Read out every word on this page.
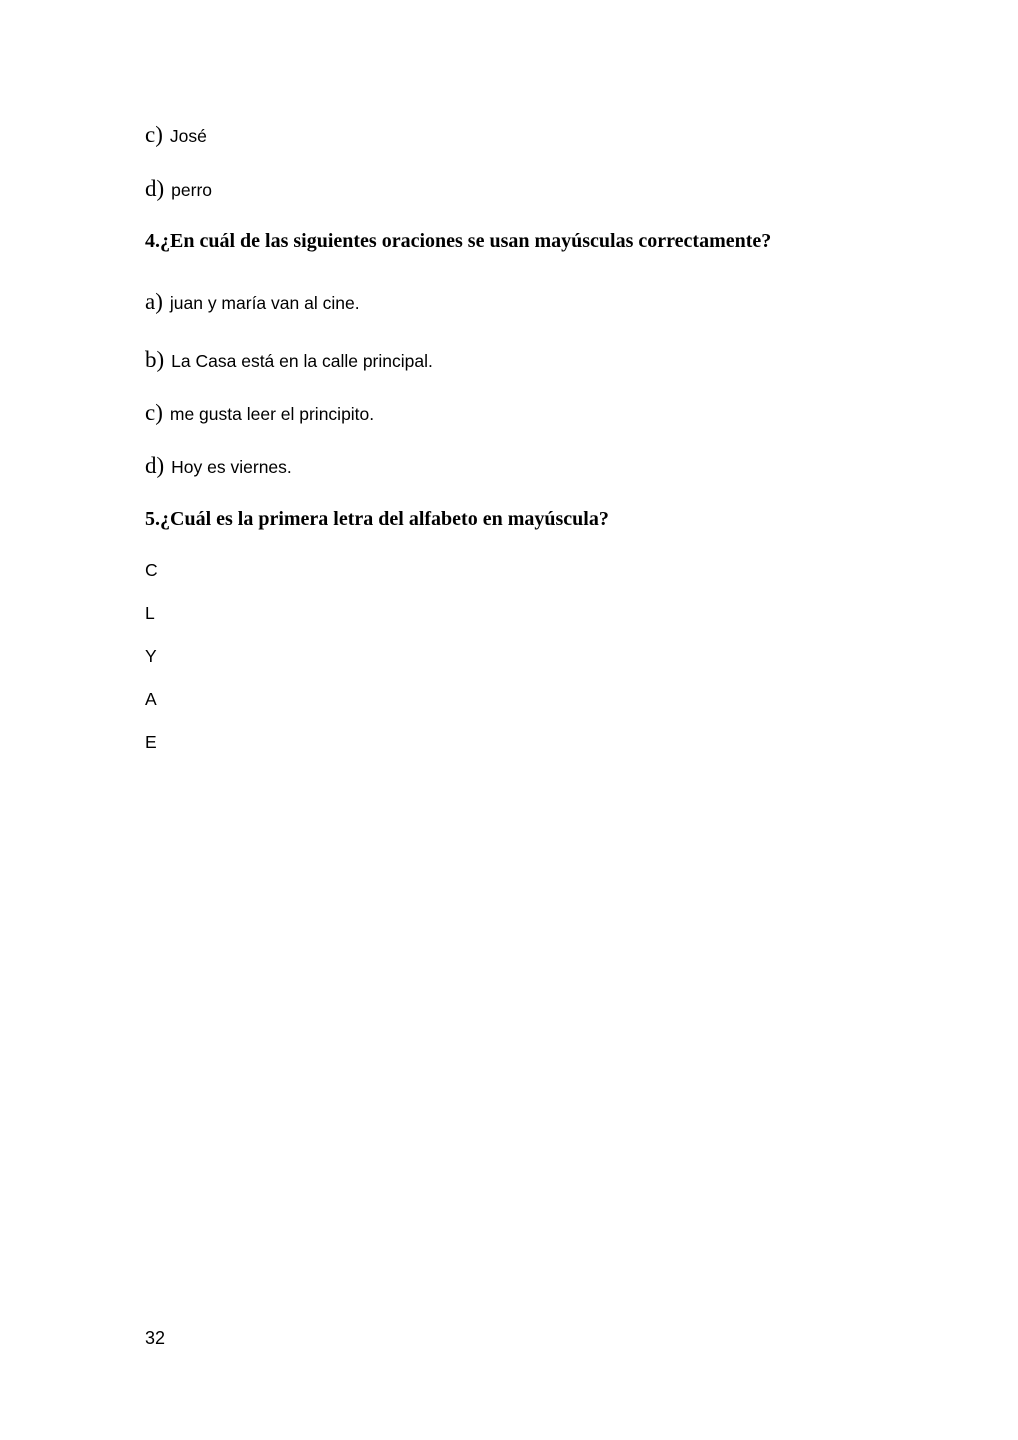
c) José
d) perro
4.¿En cuál de las siguientes oraciones se usan mayúsculas correctamente?
a) juan y maría van al cine.
b) La Casa está en la calle principal.
c) me gusta leer el principito.
d) Hoy es viernes.
5.¿Cuál es la primera letra del alfabeto en mayúscula?
C
L
Y
A
E
32
